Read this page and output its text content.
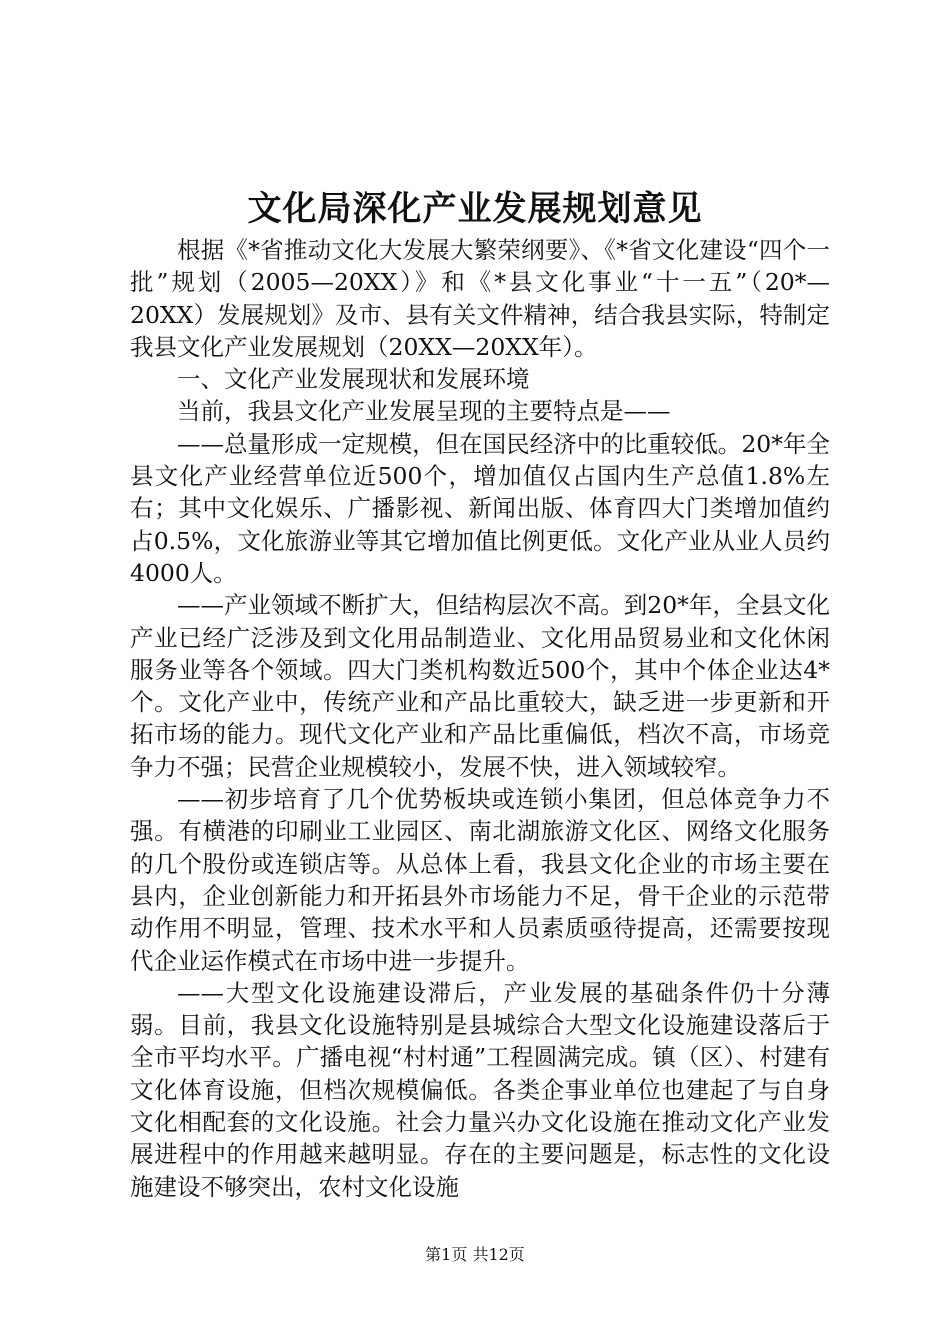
文化局深化产业发展规划意见

根据《*省推动文化大发展大繁荣纲要》、《*省文化建设“四个一批”规划（2005—20XX）》和《*县文化事业“十一五”（20*—20XX）发展规划》及市、县有关文件精神，结合我县实际，特制定我县文化产业发展规划（20XX—20XX年）。

一、文化产业发展现状和发展环境

当前，我县文化产业发展呈现的主要特点是——

——总量形成一定规模，但在国民经济中的比重较低。20*年全县文化产业经营单位近500个，增加值仅占国内生产总值1.8%左右；其中文化娱乐、广播影视、新闻出版、体育四大门类增加值约占0.5%，文化旅游业等其它增加值比例更低。文化产业从业人员约4000人。

——产业领域不断扩大，但结构层次不高。到20*年，全县文化产业已经广泛涉及到文化用品制造业、文化用品贸易业和文化休闲服务业等各个领域。四大门类机构数近500个，其中个体企业达4*个。文化产业中，传统产业和产品比重较大，缺乏进一步更新和开拓市场的能力。现代文化产业和产品比重偏低，档次不高，市场竞争力不强；民营企业规模较小，发展不快，进入领域较窄。

——初步培育了几个优势板块或连锁小集团，但总体竞争力不强。有横港的印刷业工业园区、南北湖旅游文化区、网络文化服务的几个股份或连锁店等。从总体上看，我县文化企业的市场主要在县内，企业创新能力和开拓县外市场能力不足，骨干企业的示范带动作用不明显，管理、技术水平和人员素质亟待提高，还需要按现代企业运作模式在市场中进一步提升。

——大型文化设施建设滞后，产业发展的基础条件仍十分薄弱。目前，我县文化设施特别是县城综合大型文化设施建设落后于全市平均水平。广播电视“村村通”工程圆满完成。镇（区）、村建有文化体育设施，但档次规模偏低。各类企事业单位也建起了与自身文化相配套的文化设施。社会力量兴办文化设施在推动文化产业发展进程中的作用越来越明显。存在的主要问题是，标志性的文化设施建设不够突出，农村文化设施

第1页 共12页
